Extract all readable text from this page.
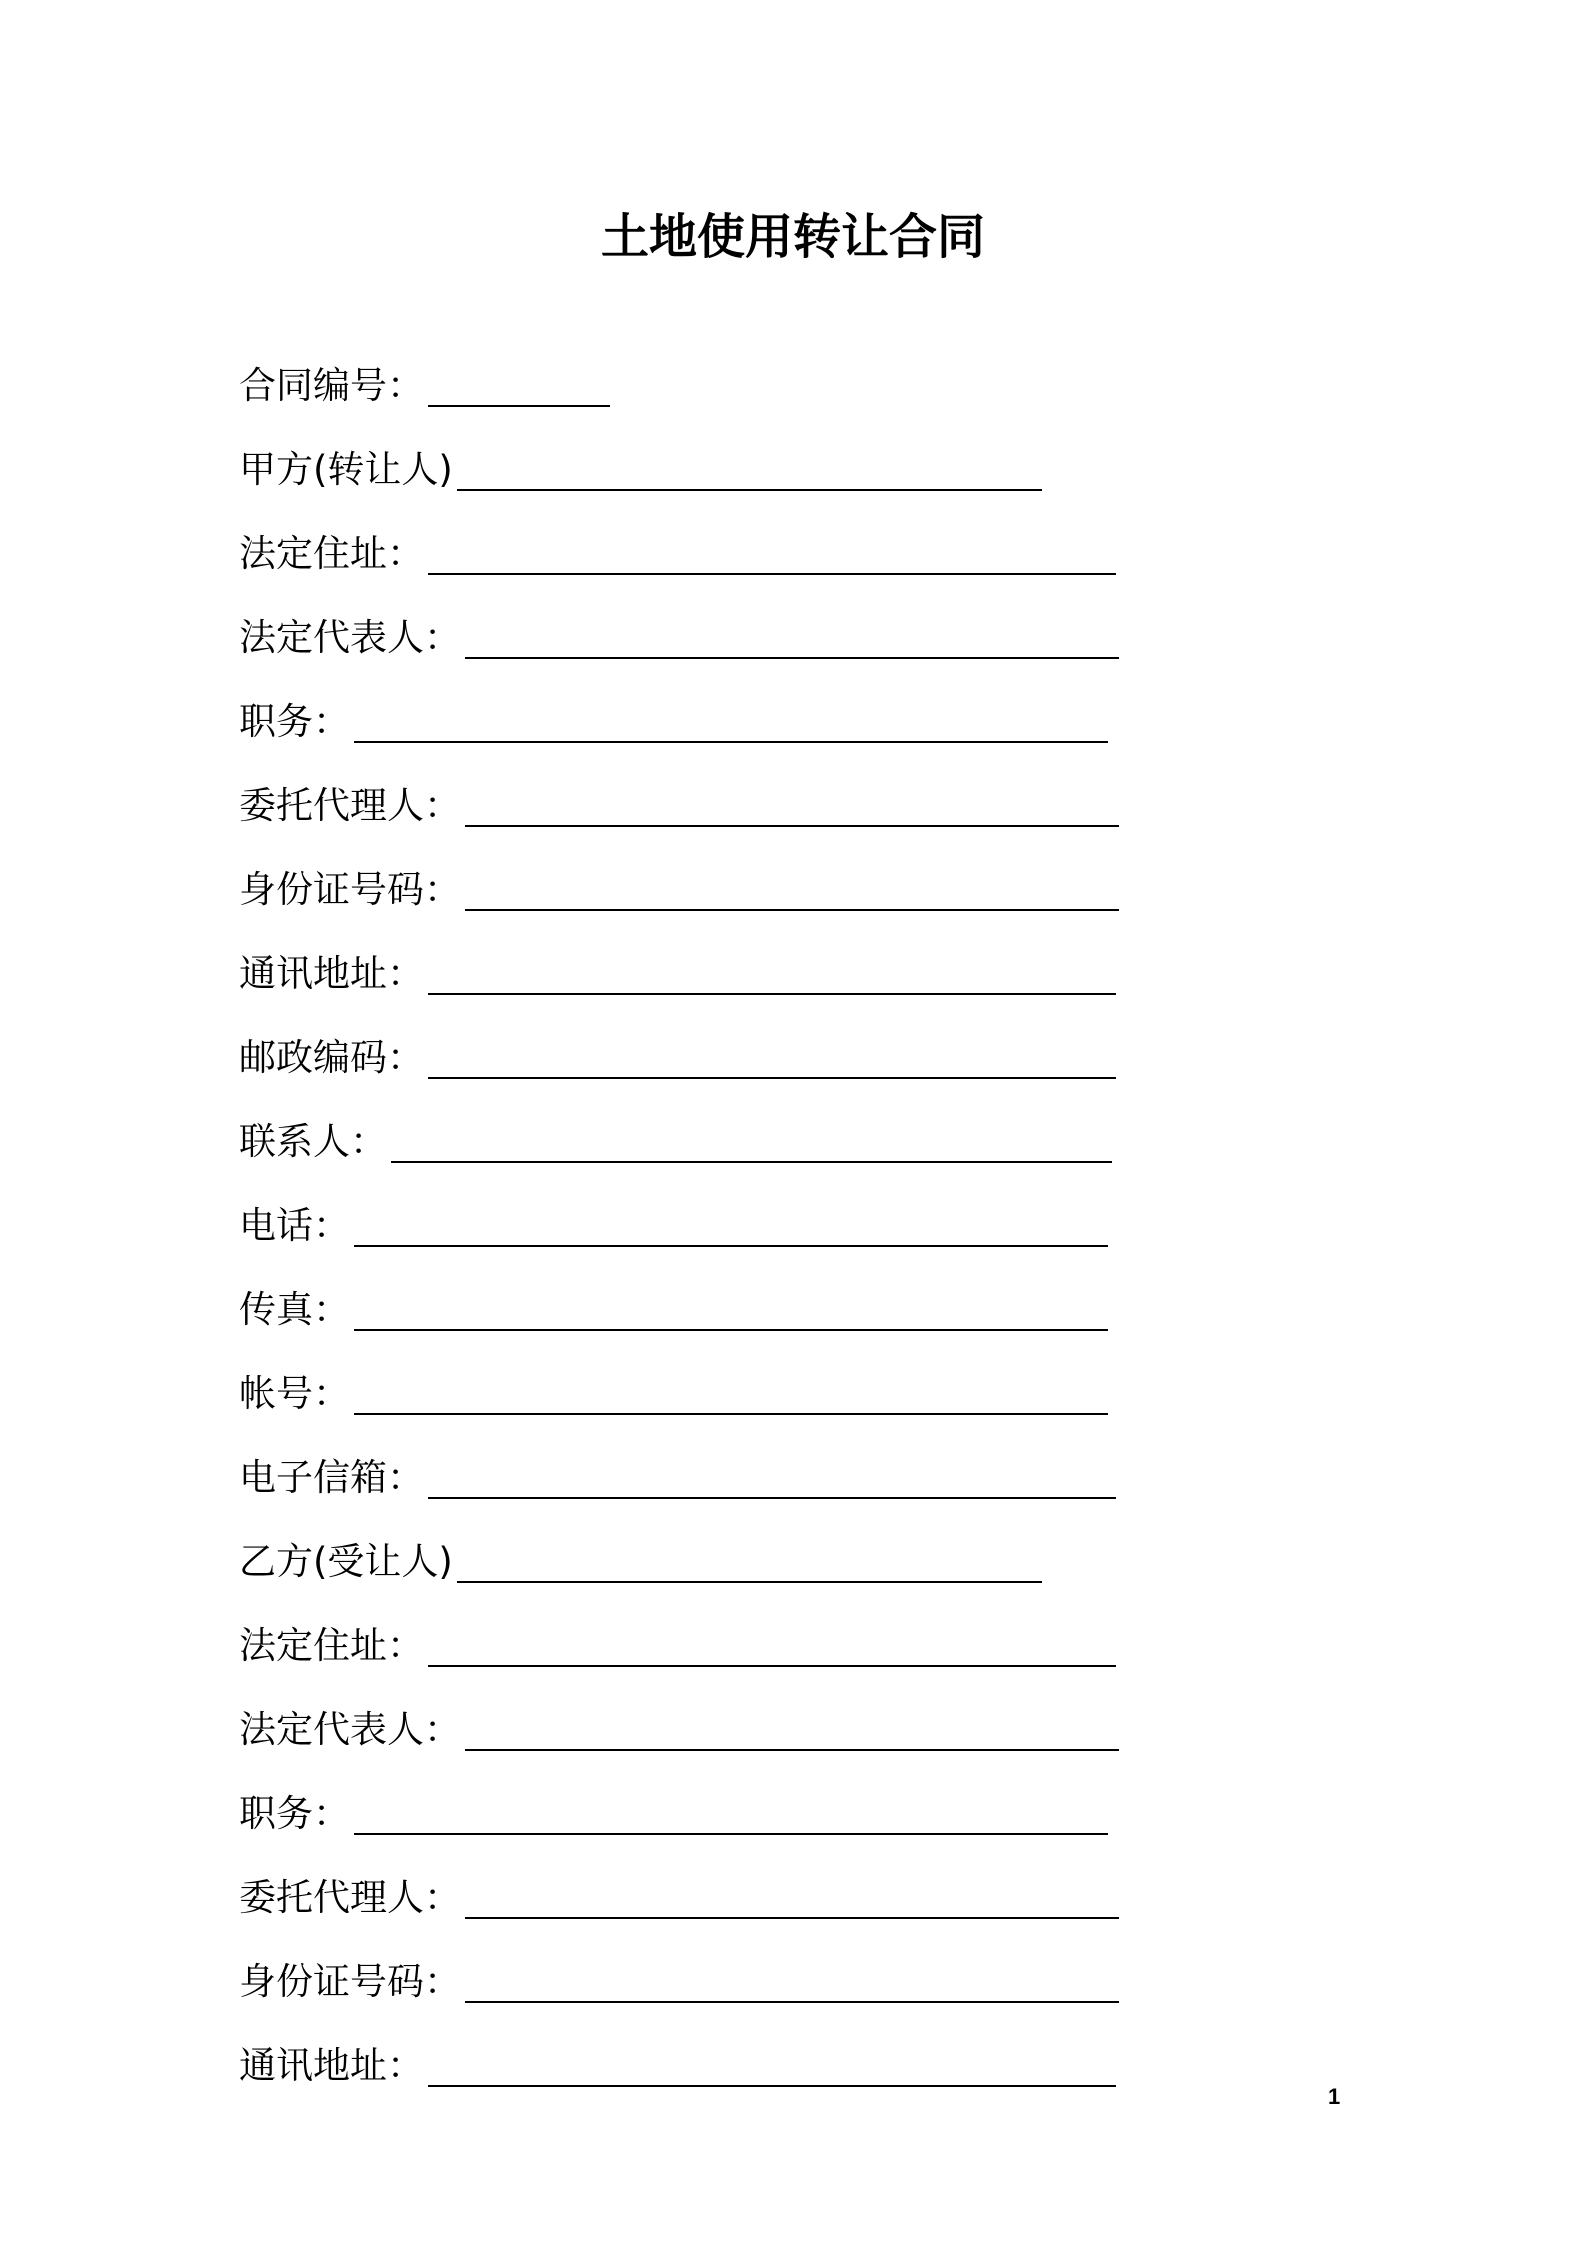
土地使用转让合同
合同编号：
甲方(转让人)
法定住址：
法定代表人：
职务：
委托代理人：
身份证号码：
通讯地址：
邮政编码：
联系人：
电话：
传真：
帐号：
电子信箱：
乙方(受让人)
法定住址：
法定代表人：
职务：
委托代理人：
身份证号码：
通讯地址：
1
